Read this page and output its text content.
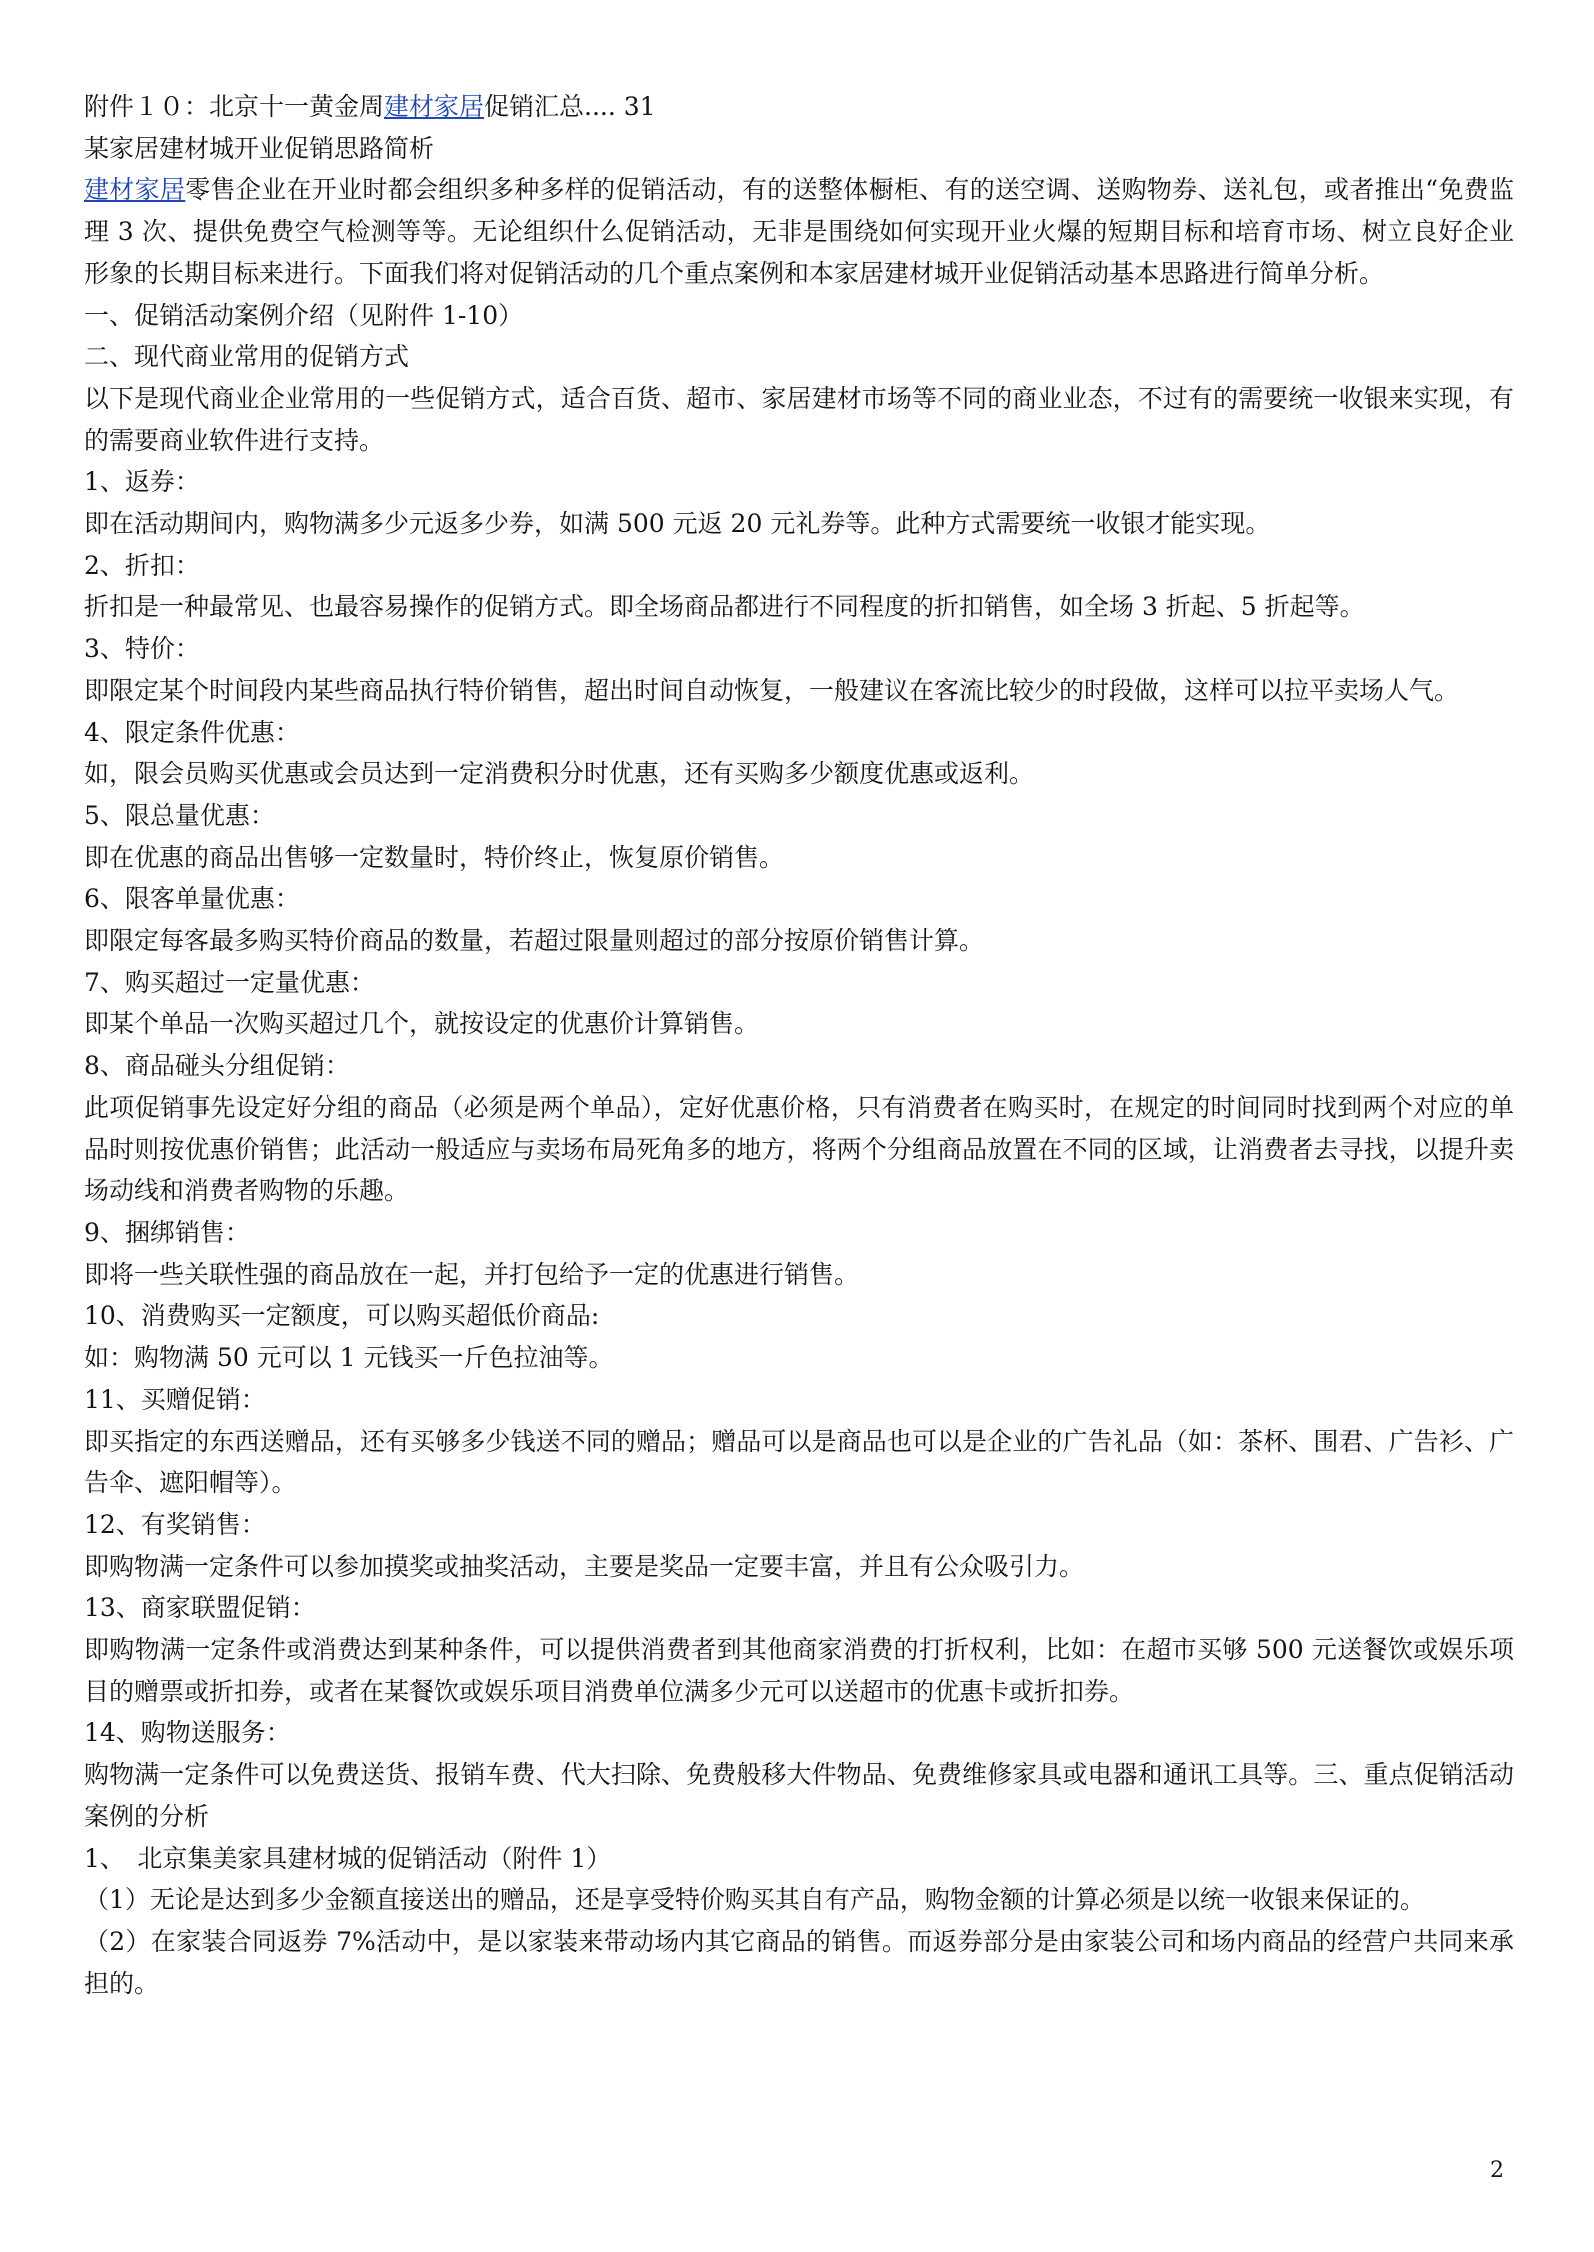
附件１０：北京十一黄金周建材家居促销汇总.... 31

某家居建材城开业促销思路简析

建材家居零售企业在开业时都会组织多种多样的促销活动，有的送整体橱柜、有的送空调、送购物券、送礼包，或者推出“免费监理 3 次、提供免费空气检测等等。无论组织什么促销活动，无非是围绕如何实现开业火爆的短期目标和培育市场、树立良好企业形象的长期目标来进行。下面我们将对促销活动的几个重点案例和本家居建材城开业促销活动基本思路进行简单分析。

一、促销活动案例介绍（见附件 1-10）

二、现代商业常用的促销方式

以下是现代商业企业常用的一些促销方式，适合百货、超市、家居建材市场等不同的商业业态，不过有的需要统一收银来实现，有的需要商业软件进行支持。

1、返券：

即在活动期间内，购物满多少元返多少券，如满 500 元返 20 元礼券等。此种方式需要统一收银才能实现。

2、折扣：

折扣是一种最常见、也最容易操作的促销方式。即全场商品都进行不同程度的折扣销售，如全场 3 折起、5 折起等。

3、特价：

即限定某个时间段内某些商品执行特价销售，超出时间自动恢复，一般建议在客流比较少的时段做，这样可以拉平卖场人气。

4、限定条件优惠：

如，限会员购买优惠或会员达到一定消费积分时优惠，还有买购多少额度优惠或返利。

5、限总量优惠：

即在优惠的商品出售够一定数量时，特价终止，恢复原价销售。

6、限客单量优惠：

即限定每客最多购买特价商品的数量，若超过限量则超过的部分按原价销售计算。

7、购买超过一定量优惠：

即某个单品一次购买超过几个，就按设定的优惠价计算销售。

8、商品碰头分组促销：

此项促销事先设定好分组的商品（必须是两个单品），定好优惠价格，只有消费者在购买时，在规定的时间同时找到两个对应的单品时则按优惠价销售；此活动一般适应与卖场布局死角多的地方，将两个分组商品放置在不同的区域，让消费者去寻找，以提升卖场动线和消费者购物的乐趣。

9、捆绑销售：

即将一些关联性强的商品放在一起，并打包给予一定的优惠进行销售。

10、消费购买一定额度，可以购买超低价商品:

如：购物满 50 元可以 1 元钱买一斤色拉油等。

11、买赠促销：

即买指定的东西送赠品，还有买够多少钱送不同的赠品；赠品可以是商品也可以是企业的广告礼品（如：茶杯、围君、广告衫、广告伞、遮阳帽等）。

12、有奖销售：

即购物满一定条件可以参加摸奖或抽奖活动，主要是奖品一定要丰富，并且有公众吸引力。

13、商家联盟促销：

即购物满一定条件或消费达到某种条件，可以提供消费者到其他商家消费的打折权利，比如：在超市买够 500 元送餐饮或娱乐项目的赠票或折扣券，或者在某餐饮或娱乐项目消费单位满多少元可以送超市的优惠卡或折扣券。

14、购物送服务：

购物满一定条件可以免费送货、报销车费、代大扫除、免费般移大件物品、免费维修家具或电器和通讯工具等。三、重点促销活动案例的分析

1、　北京集美家具建材城的促销活动（附件 1）

（1）无论是达到多少金额直接送出的赠品，还是享受特价购买其自有产品，购物金额的计算必须是以统一收银来保证的。

（2）在家装合同返券 7%活动中，是以家装来带动场内其它商品的销售。而返券部分是由家装公司和场内商品的经营户共同来承担的。

2
